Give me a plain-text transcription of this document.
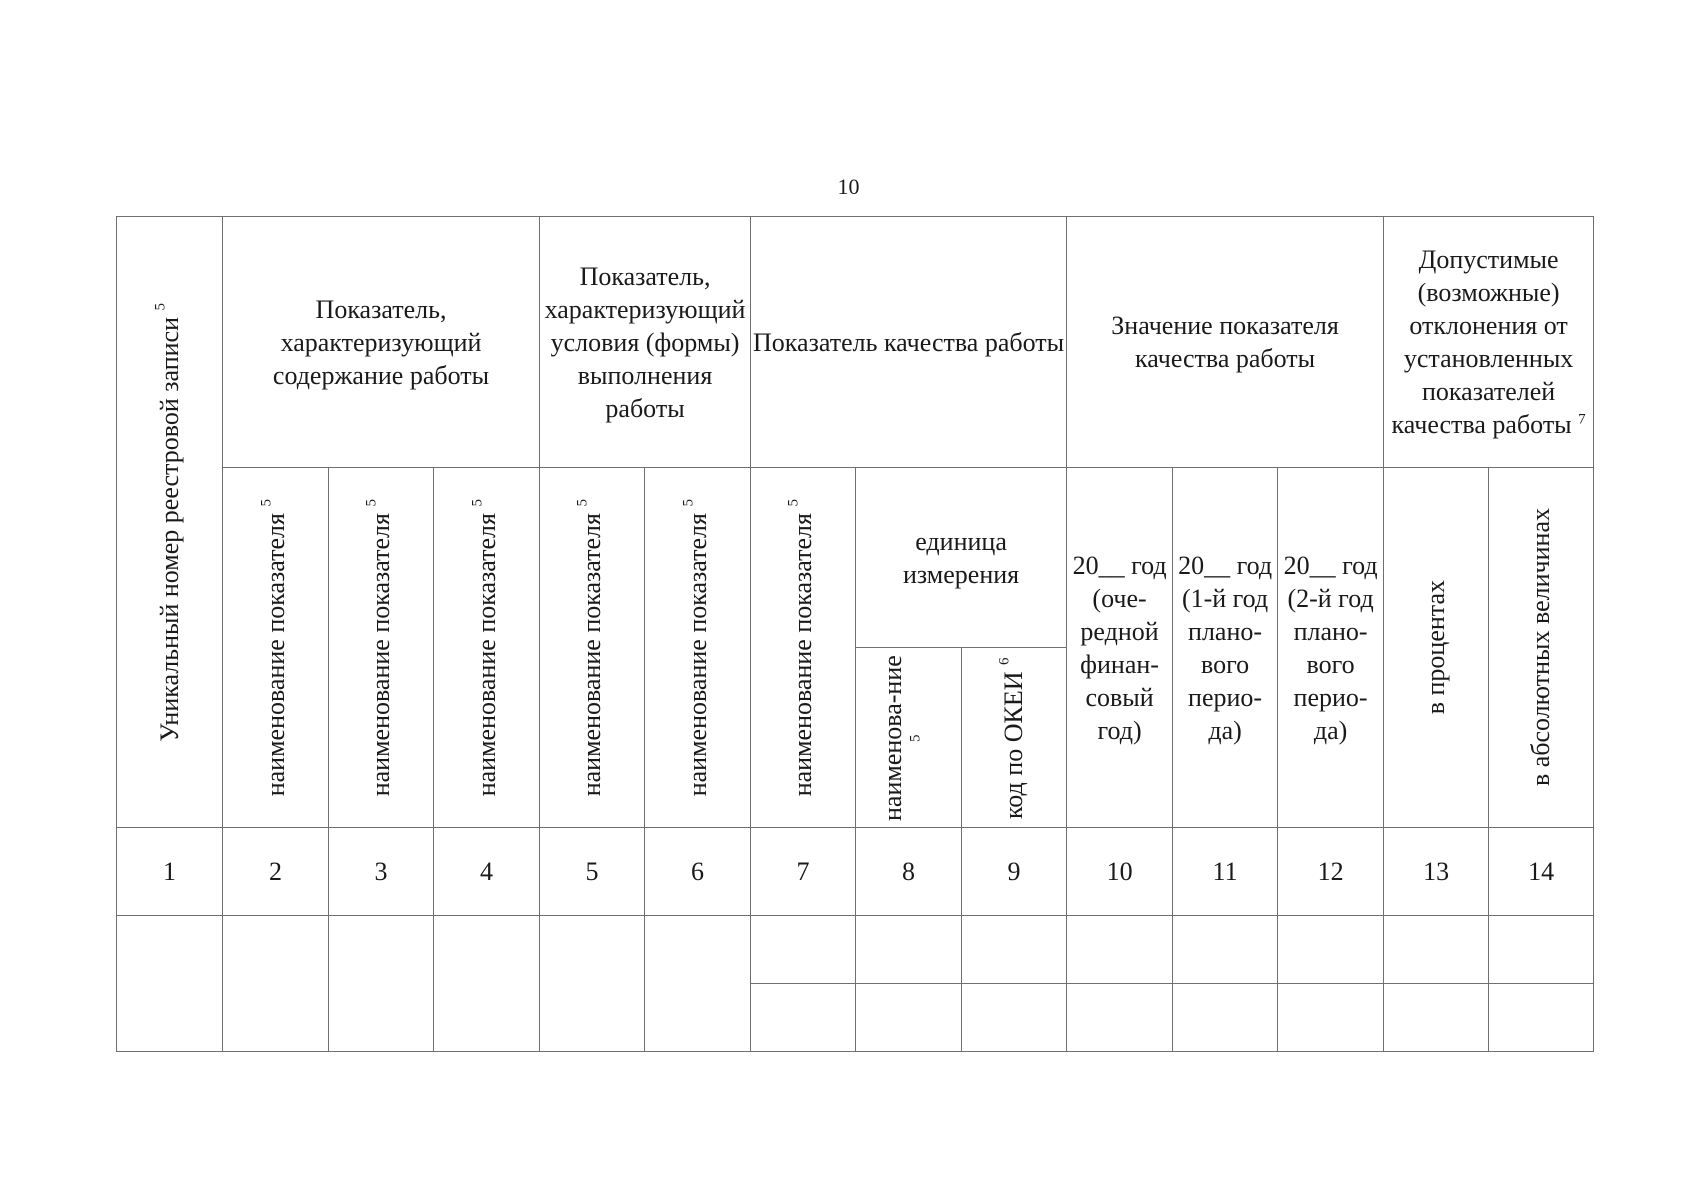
10
Уникальный номер реестровой записи $^5$	Показатель, характеризующий содержание работы			Показатель, характеризующий условия (формы) выполнения работы		Показатель качества работы			Значение показателя качества работы			Допустимые (возможные) отклонения от установленных показателей качества работы $^7$

	наименование показателя $^5$	наименование показателя $^5$	наименование показателя $^5$	наименование показателя $^5$	наименование показателя $^5$	наименование показателя $^5$	единица измерения		20__ год (оче-редной финан-совый год)	20__ год (1-й год плано-вого перио-да)	20__ год (2-й год плано-вого перио-да)	в процентах	в абсолютных величинах

							наименова-ние $^5$	код по ОКЕИ $^6$

1	2	3	4	5	6	7	8	9	10	11	12	13	14
